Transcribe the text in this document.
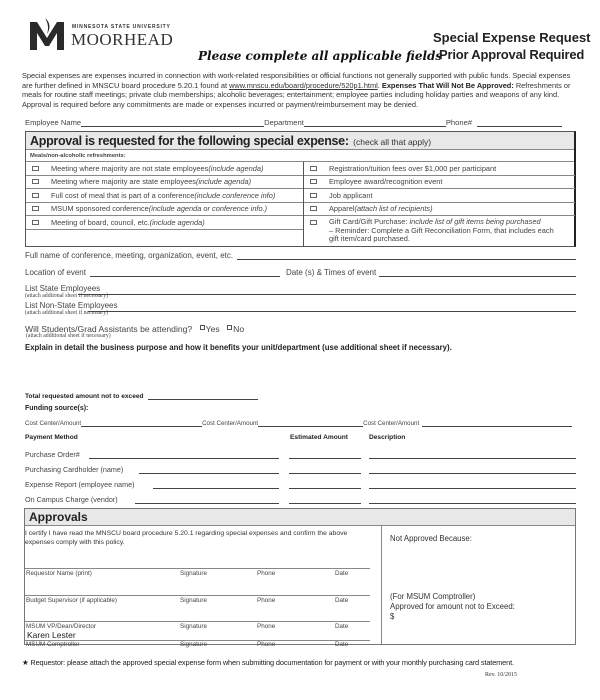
MINNESOTA STATE UNIVERSITY
MOORHEAD
Please complete all applicable fields
Special Expense Request
Prior Approval Required
Special expenses are expenses incurred in connection with work-related responsibilities or official functions not generally supported with public funds. Special expenses are further defined in MNSCU board procedure 5.20.1 found at www.mnscu.edu/board/procedure/520p1.html. Expenses That Will Not Be Approved: Refreshments or meals for routine staff meetings; private club memberships; alcoholic beverages; entertainment; employee parties including holiday parties and weapons of any kind. Approval is required before any commitments are made or expenses incurred or payment/reimbursement may be denied.
Employee Name	Department	Phone#
Approval is requested for the following special expense: (check all that apply)
Meals/non-alcoholic refreshments:
Meeting where majority are not state employees (include agenda)
Meeting where majority are state employees (include agenda)
Full cost of meal that is part of a conference (include conference info)
MSUM sponsored conference (include agenda or conference info.)
Meeting of board, council, etc. (include agenda)
Registration/tuition fees over $1,000 per participant
Employee award/recognition event
Job applicant
Apparel (attach list of recipients)
Gift Card/Gift Purchase: include list of gift items being purchased
– Reminder: Complete a Gift Reconciliation Form, that includes each gift item/card purchased.
Full name of conference, meeting, organization, event, etc.
Location of event	Date (s) & Times of event
List State Employees
(attach addtional sheet if necessary)
List Non-State Employees
(attach addtional sheet if necessary)
Will Students/Grad Assistants be attending? Yes No
(attach additional sheet if necessary)
Explain in detail the business purpose and how it benefits your unit/department (use additional sheet if necessary).
Total requested amount not to exceed
Funding source(s):
Cost Center/Amount	Cost Center/Amount	Cost Center/Amount
Payment Method	Estimated Amount	Description
Purchase Order#
Purchasing Cardholder (name)
Expense Report (employee name)
On Campus Charge (vendor)
Approvals
I certify I have read the MNSCU board procedure 5.20.1 regarding special expenses and confirm the above expenses comply with this policy.
Requestor Name (print)	Signature	Phone	Date
Budget Supervisor (if applicable)	Signature	Phone	Date
MSUM VP/Dean/Director	Signature	Phone	Date
Karen Lester
MSUM Comptroller	Signature	Phone	Date
Not Approved Because:
(For MSUM Comptroller)
Approved for amount not to Exceed:
$
★ Requestor: please attach the approved special expense form when submitting documentation for payment or with your monthly purchasing card statement.
Rev. 10/2015
